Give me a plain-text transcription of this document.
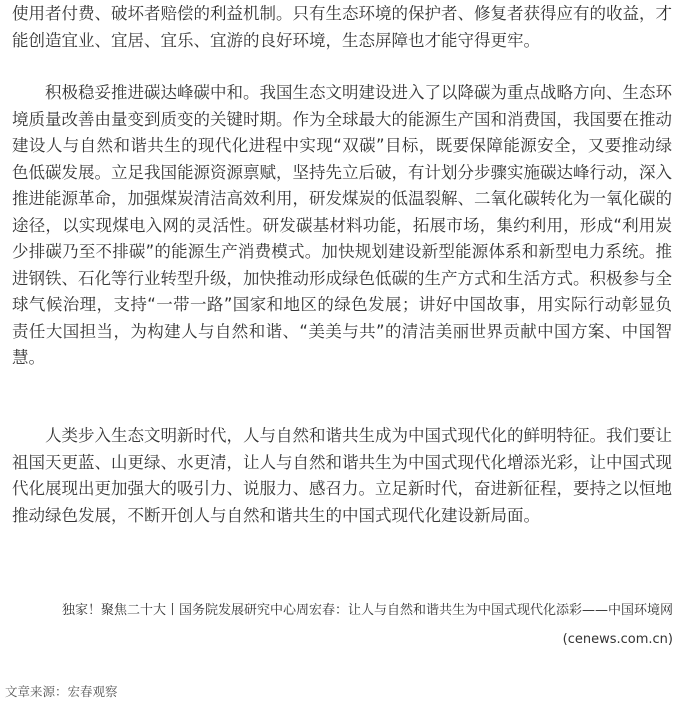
使用者付费、破坏者赔偿的利益机制。只有生态环境的保护者、修复者获得应有的收益，才能创造宜业、宜居、宜乐、宜游的良好环境，生态屏障也才能守得更牢。

积极稳妥推进碳达峰碳中和。我国生态文明建设进入了以降碳为重点战略方向、生态环境质量改善由量变到质变的关键时期。作为全球最大的能源生产国和消费国，我国要在推动建设人与自然和谐共生的现代化进程中实现“双碳”目标，既要保障能源安全，又要推动绿色低碳发展。立足我国能源资源禀赋，坚持先立后破，有计划分步骤实施碳达峰行动，深入推进能源革命，加强煤炭清洁高效利用，研发煤炭的低温裂解、二氧化碳转化为一氧化碳的途径，以实现煤电入网的灵活性。研发碳基材料功能，拓展市场，集约利用，形成“利用炭少排碳乃至不排碳”的能源生产消费模式。加快规划建设新型能源体系和新型电力系统。推进钢铁、石化等行业转型升级，加快推动形成绿色低碳的生产方式和生活方式。积极参与全球气候治理，支持“一带一路”国家和地区的绿色发展；讲好中国故事，用实际行动彰显负责任大国担当，为构建人与自然和谐、“美美与共”的清洁美丽世界贡献中国方案、中国智慧。

人类步入生态文明新时代，人与自然和谐共生成为中国式现代化的鲜明特征。我们要让祖国天更蓝、山更绿、水更清，让人与自然和谐共生为中国式现代化增添光彩，让中国式现代化展现出更加强大的吸引力、说服力、感召力。立足新时代，奋进新征程，要持之以恒地推动绿色发展，不断开创人与自然和谐共生的中国式现代化建设新局面。

独家！聚焦二十大丨国务院发展研究中心周宏春：让人与自然和谐共生为中国式现代化添彩——中国环境网 (cenews.com.cn)
文章来源：宏春观察
